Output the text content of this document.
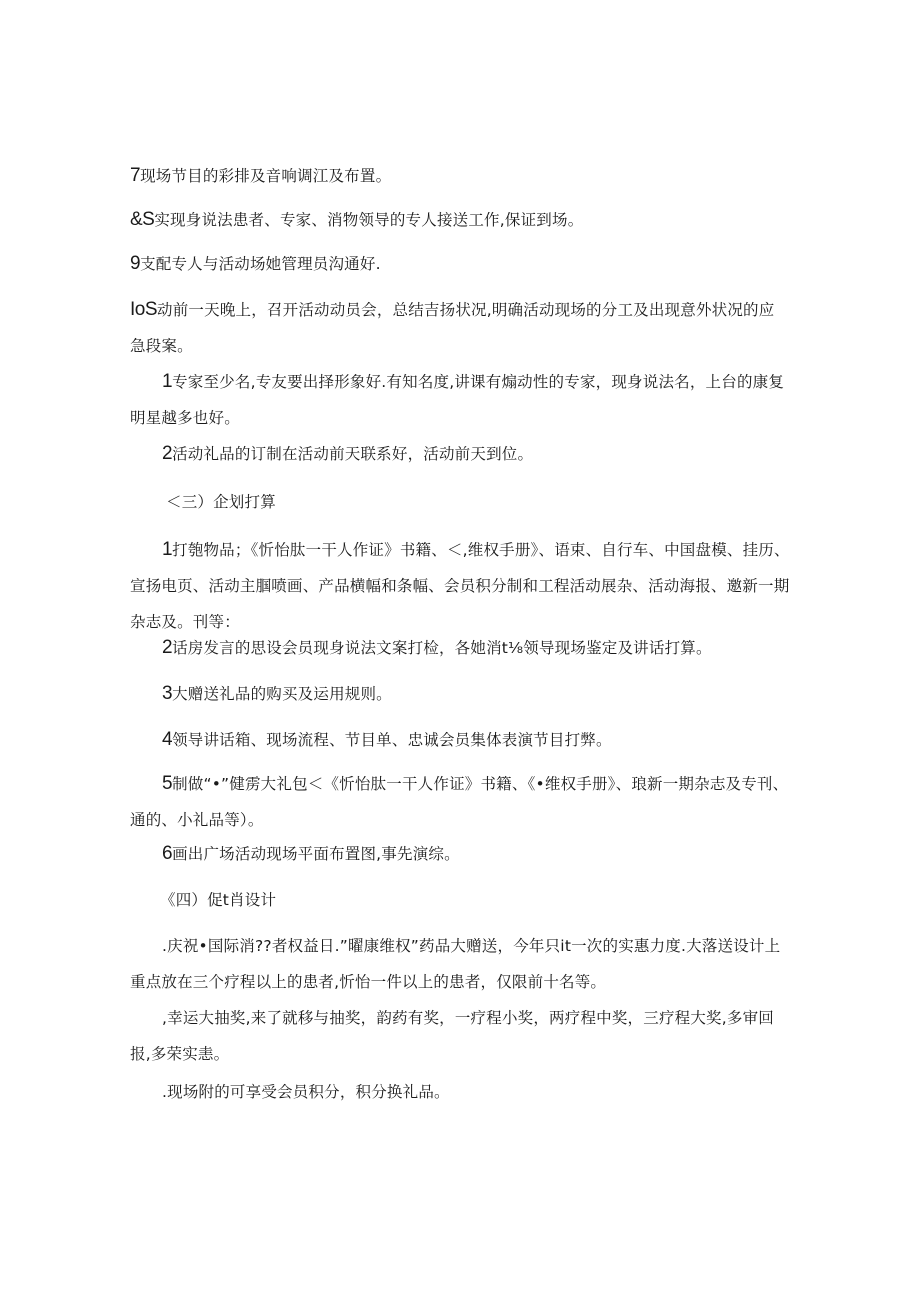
7现场节目的彩排及音响调江及布置。

&S实现身说法患者、专家、消物领导的专人接送工作,保证到场。

9支配专人与活动场她管理员沟通好.

IoS动前一天晚上，召开活动动员会，总结吉扬状况,明确活动现场的分工及出现意外状况的应急段案。

1专家至少名,专友要出择形象好.有知名度,讲课有煽动性的专家，现身说法名，上台的康复明星越多也好。

2活动礼品的订制在活动前天联系好，活动前天到位。

＜三）企划打算

1打匏物品；《忻怡肽一干人作证》书籍、＜,维权手册》、语束、自行车、中国盘模、挂历、宣扬电页、活动主腘喷画、产品横幅和条幅、会员积分制和工程活动展杂、活动海报、邀新一期杂志及。刊等：

2话房发言的思设会员现身说法文案打检，各她消t⅛领导现场鉴定及讲话打算。

3大赠送礼品的购买及运用规则。

4领导讲话箱、现场流程、节目单、忠诚会员集体表演节目打弊。

5制做“•”健雳大礼包＜《忻怡肽一干人作证》书籍、《•维权手册》、琅新一期杂志及专刊、通的、小礼品等）。

6画出广场活动现场平面布置图,事先演综。

《四）促t肖设计

.庆祝•国际消??者权益日.”曜康维权”药品大赠送，今年只it一次的实惠力度.大落送设计上重点放在三个疗程以上的患者,忻怡一件以上的患者，仅限前十名等。

,幸运大抽奖,来了就移与抽奖，韵药有奖，一疗程小奖，两疗程中奖，三疗程大奖,多审回报,多荣实恚。

.现场附的可享受会员积分，积分换礼品。
